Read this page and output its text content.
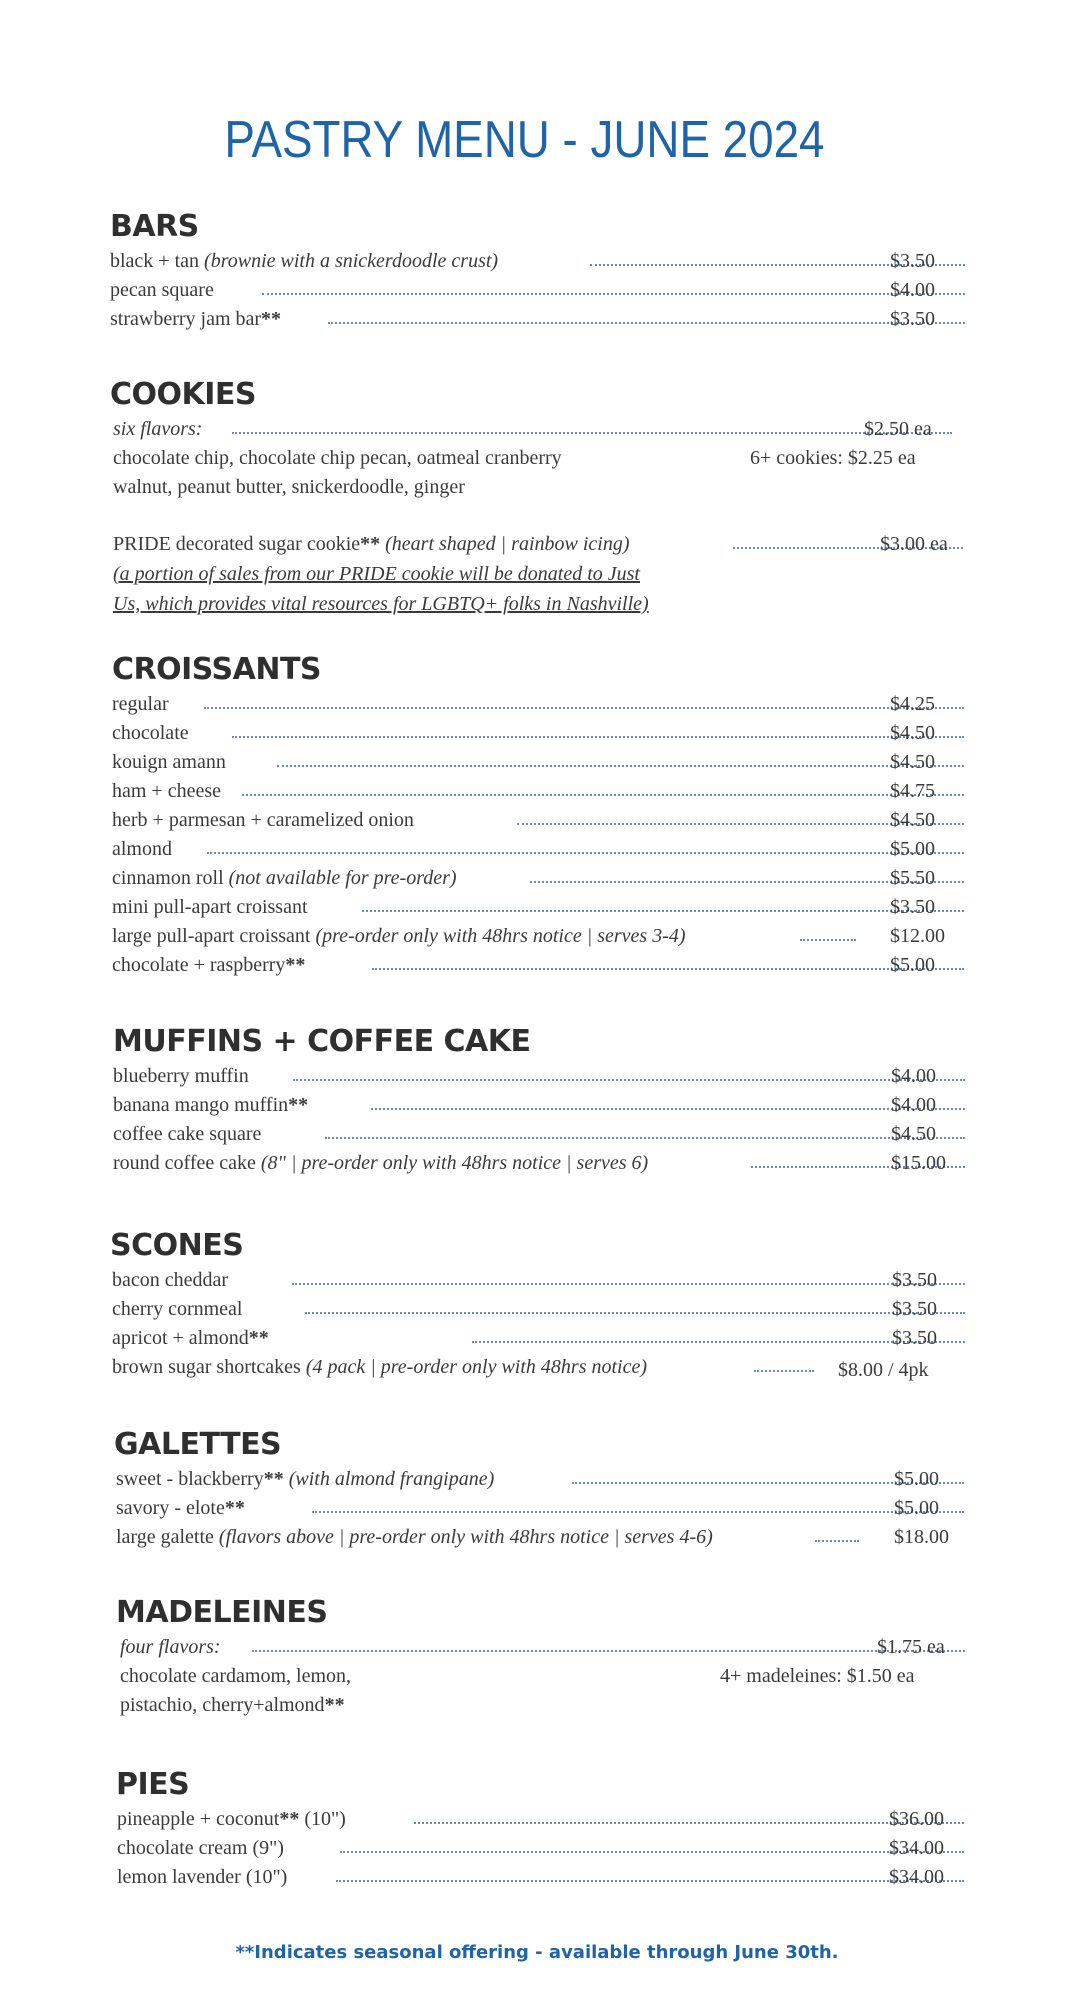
PASTRY MENU - JUNE 2024
BARS
black + tan (brownie with a snickerdoodle crust)	$3.50
pecan square	$4.00
strawberry jam bar**	$3.50
COOKIES
six flavors:	$2.50 ea
chocolate chip, chocolate chip pecan, oatmeal cranberry	6+ cookies: $2.25 ea
walnut, peanut butter, snickerdoodle, ginger
PRIDE decorated sugar cookie** (heart shaped | rainbow icing)	$3.00 ea
(a portion of sales from our PRIDE cookie will be donated to Just
Us, which provides vital resources for LGBTQ+ folks in Nashville)
CROISSANTS
regular	$4.25
chocolate	$4.50
kouign amann	$4.50
ham + cheese	$4.75
herb + parmesan + caramelized onion	$4.50
almond	$5.00
cinnamon roll (not available for pre-order)	$5.50
mini pull-apart croissant	$3.50
large pull-apart croissant (pre-order only with 48hrs notice | serves 3-4)	$12.00
chocolate + raspberry**	$5.00
MUFFINS + COFFEE CAKE
blueberry muffin	$4.00
banana mango muffin**	$4.00
coffee cake square	$4.50
round coffee cake (8" | pre-order only with 48hrs notice | serves 6)	$15.00
SCONES
bacon cheddar	$3.50
cherry cornmeal	$3.50
apricot + almond**	$3.50
brown sugar shortcakes (4 pack | pre-order only with 48hrs notice)	$8.00 / 4pk
GALETTES
sweet - blackberry** (with almond frangipane)	$5.00
savory - elote**	$5.00
large galette (flavors above | pre-order only with 48hrs notice | serves 4-6)	$18.00
MADELEINES
four flavors:	$1.75 ea
chocolate cardamom, lemon,	4+ madeleines: $1.50 ea
pistachio, cherry+almond**
PIES
pineapple + coconut** (10")	$36.00
chocolate cream (9")	$34.00
lemon lavender (10")	$34.00
**Indicates seasonal offering - available through June 30th.
